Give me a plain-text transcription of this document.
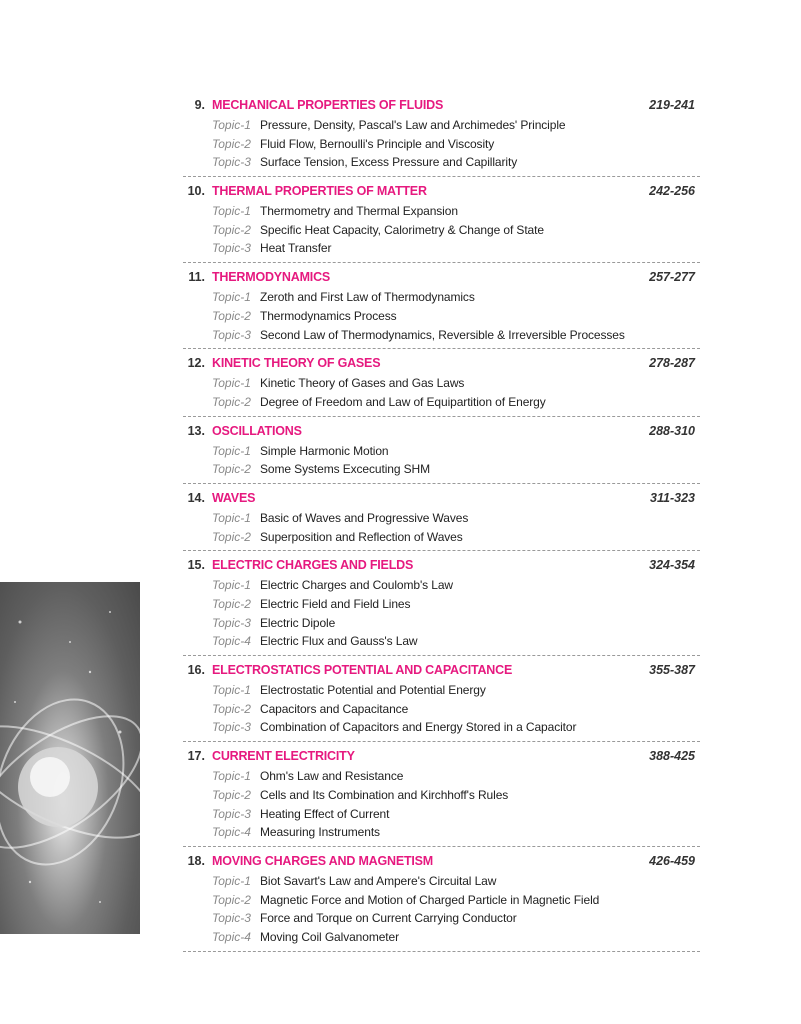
9. MECHANICAL PROPERTIES OF FLUIDS	219-241
Topic-1 Pressure, Density, Pascal's Law and Archimedes' Principle
Topic-2 Fluid Flow, Bernoulli's Principle and Viscosity
Topic-3 Surface Tension, Excess Pressure and Capillarity
10. THERMAL PROPERTIES OF MATTER	242-256
Topic-1 Thermometry and Thermal Expansion
Topic-2 Specific Heat Capacity, Calorimetry & Change of State
Topic-3 Heat Transfer
11. THERMODYNAMICS	257-277
Topic-1 Zeroth and First Law of Thermodynamics
Topic-2 Thermodynamics Process
Topic-3 Second Law of Thermodynamics, Reversible & Irreversible Processes
12. KINETIC THEORY OF GASES	278-287
Topic-1 Kinetic Theory of Gases and Gas Laws
Topic-2 Degree of Freedom and Law of Equipartition of Energy
13. OSCILLATIONS	288-310
Topic-1 Simple Harmonic Motion
Topic-2 Some Systems Excecuting SHM
14. WAVES	311-323
Topic-1 Basic of Waves and Progressive Waves
Topic-2 Superposition and Reflection of Waves
15. ELECTRIC CHARGES AND FIELDS	324-354
Topic-1 Electric Charges and Coulomb's Law
Topic-2 Electric Field and Field Lines
Topic-3 Electric Dipole
Topic-4 Electric Flux and Gauss's Law
16. ELECTROSTATICS POTENTIAL AND CAPACITANCE	355-387
Topic-1 Electrostatic Potential and Potential Energy
Topic-2 Capacitors and Capacitance
Topic-3 Combination of Capacitors and Energy Stored in a Capacitor
17. CURRENT ELECTRICITY	388-425
Topic-1 Ohm's Law and Resistance
Topic-2 Cells and Its Combination and Kirchhoff's Rules
Topic-3 Heating Effect of Current
Topic-4 Measuring Instruments
18. MOVING CHARGES AND MAGNETISM	426-459
Topic-1 Biot Savart's Law and Ampere's Circuital Law
Topic-2 Magnetic Force and Motion of Charged Particle in Magnetic Field
Topic-3 Force and Torque on Current Carrying Conductor
Topic-4 Moving Coil Galvanometer
